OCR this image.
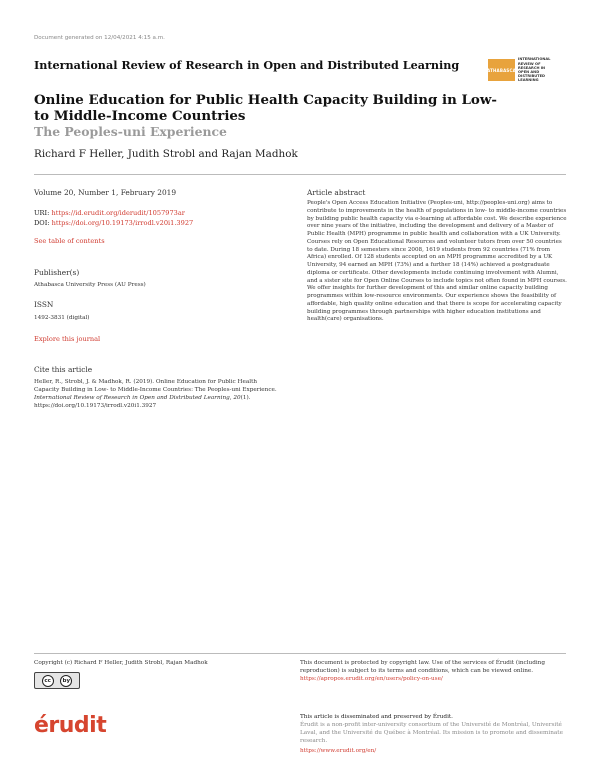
Document generated on 12/04/2021 4:15 a.m.
International Review of Research in Open and Distributed Learning	ATHABASCA
INTERNATIONAL
REVIEW OF
RESEARCH IN
OPEN AND
DISTRIBUTED
LEARNING
Online Education for Public Health Capacity Building in Low- to Middle-Income Countries
The Peoples-uni Experience
Richard F Heller, Judith Strobl and Rajan Madhok
Volume 20, Number 1, February 2019
URI: https://id.erudit.org/iderudit/1057973ar
DOI: https://doi.org/10.19173/irrodl.v20i1.3927
See table of contents
Publisher(s)
Athabasca University Press (AU Press)
ISSN
1492-3831 (digital)
Explore this journal
Cite this article
Heller, R., Strobl, J. & Madhok, R. (2019). Online Education for Public Health Capacity Building in Low- to Middle-Income Countries: The Peoples-uni Experience. International Review of Research in Open and Distributed Learning, 20(1). https://doi.org/10.19173/irrodl.v20i1.3927
Article abstract
People's Open Access Education Initiative (Peoples-uni, http://peoples-uni.org) aims to contribute to improvements in the health of populations in low- to middle-income countries by building public health capacity via e-learning at affordable cost. We describe experience over nine years of the initiative, including the development and delivery of a Master of Public Health (MPH) programme in public health and collaboration with a UK University. Courses rely on Open Educational Resources and volunteer tutors from over 50 countries to date. During 18 semesters since 2008, 1619 students from 92 countries (71% from Africa) enrolled. Of 128 students accepted on an MPH programme accredited by a UK University, 94 earned an MPH (73%) and a further 18 (14%) achieved a postgraduate diploma or certificate. Other developments include continuing involvement with Alumni, and a sister site for Open Online Courses to include topics not often found in MPH courses. We offer insights for further development of this and similar online capacity building programmes within low-resource environments. Our experience shows the feasibility of affordable, high quality online education and that there is scope for accelerating capacity building programmes through partnerships with higher education institutions and health(care) organisations.
Copyright (c) Richard F Heller, Judith Strobl, Rajan Madhok
cc	by
This document is protected by copyright law. Use of the services of Érudit (including reproduction) is subject to its terms and conditions, which can be viewed online.
https://apropos.erudit.org/en/users/policy-on-use/
érudit	This article is disseminated and preserved by Érudit.
Érudit is a non-profit inter-university consortium of the Université de Montréal, Université Laval, and the Université du Québec à Montréal. Its mission is to promote and disseminate research.
https://www.erudit.org/en/
